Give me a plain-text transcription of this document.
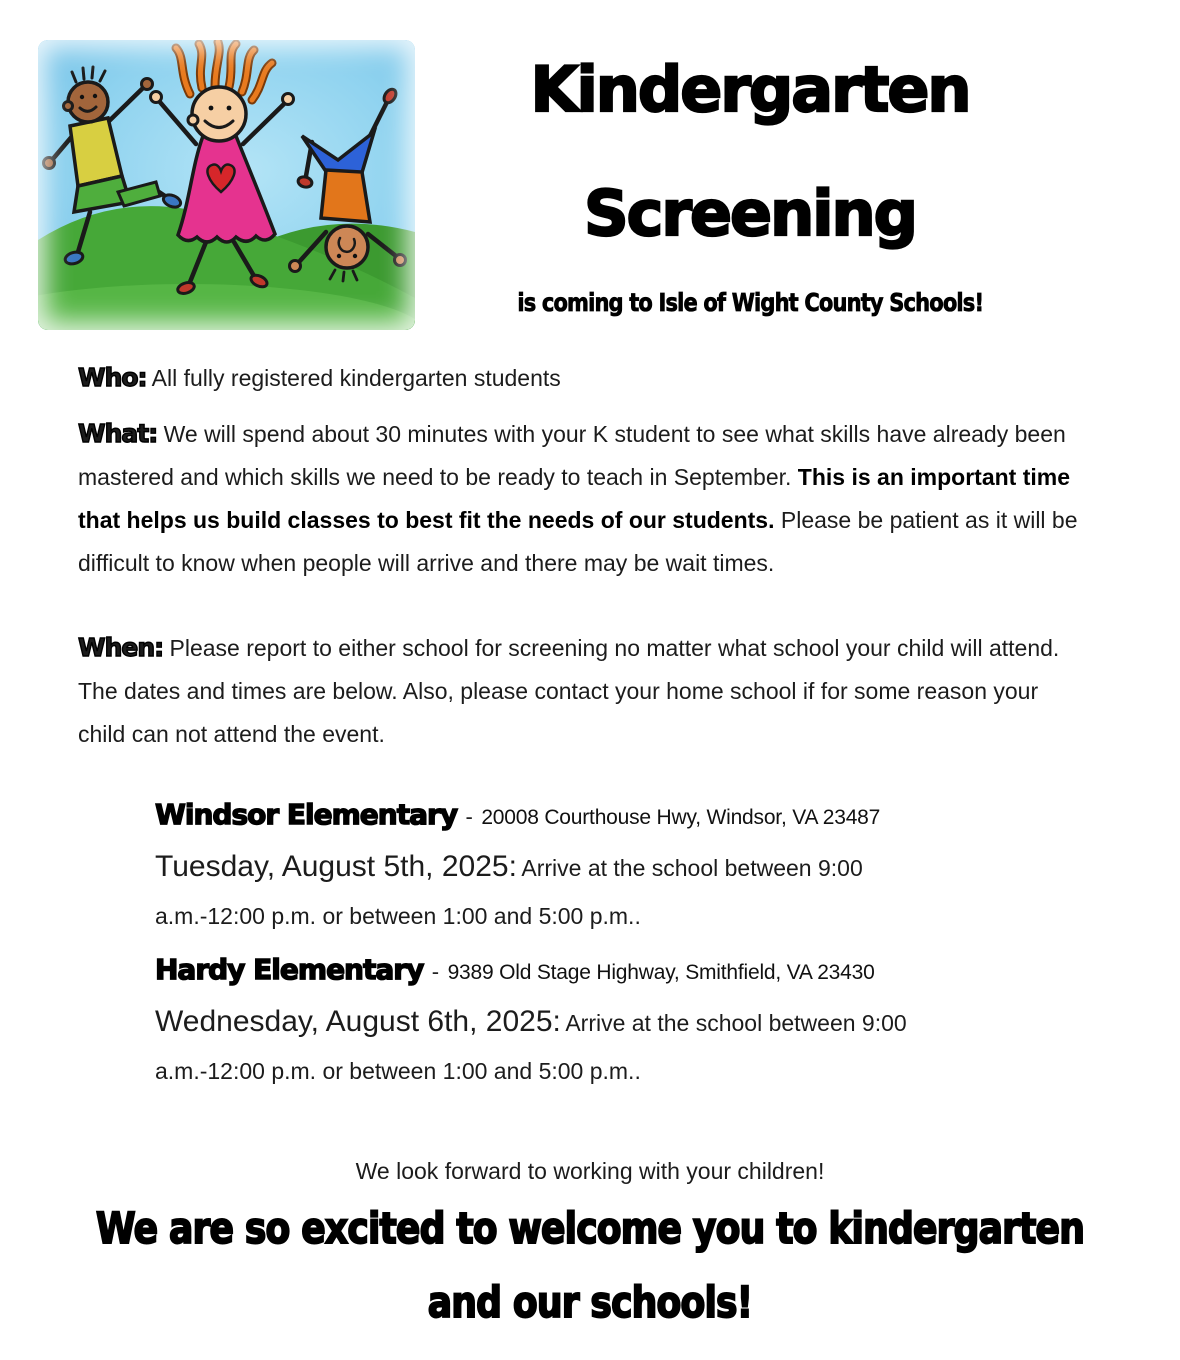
Kindergarten
Screening
is coming to Isle of Wight County Schools!

Who: All fully registered kindergarten students

What: We will spend about 30 minutes with your K student to see what skills have already been mastered and which skills we need to be ready to teach in September. This is an important time that helps us build classes to best fit the needs of our students. Please be patient as it will be difficult to know when people will arrive and there may be wait times.

When: Please report to either school for screening no matter what school your child will attend. The dates and times are below. Also, please contact your home school if for some reason your child can not attend the event.

Windsor Elementary - 20008 Courthouse Hwy, Windsor, VA 23487
Tuesday, August 5th, 2025: Arrive at the school between 9:00
a.m.-12:00 p.m. or between 1:00 and 5:00 p.m..
Hardy Elementary - 9389 Old Stage Highway, Smithfield, VA 23430
Wednesday, August 6th, 2025: Arrive at the school between 9:00
a.m.-12:00 p.m. or between 1:00 and 5:00 p.m..
We look forward to working with your children!
We are so excited to welcome you to kindergarten
and our schools!
